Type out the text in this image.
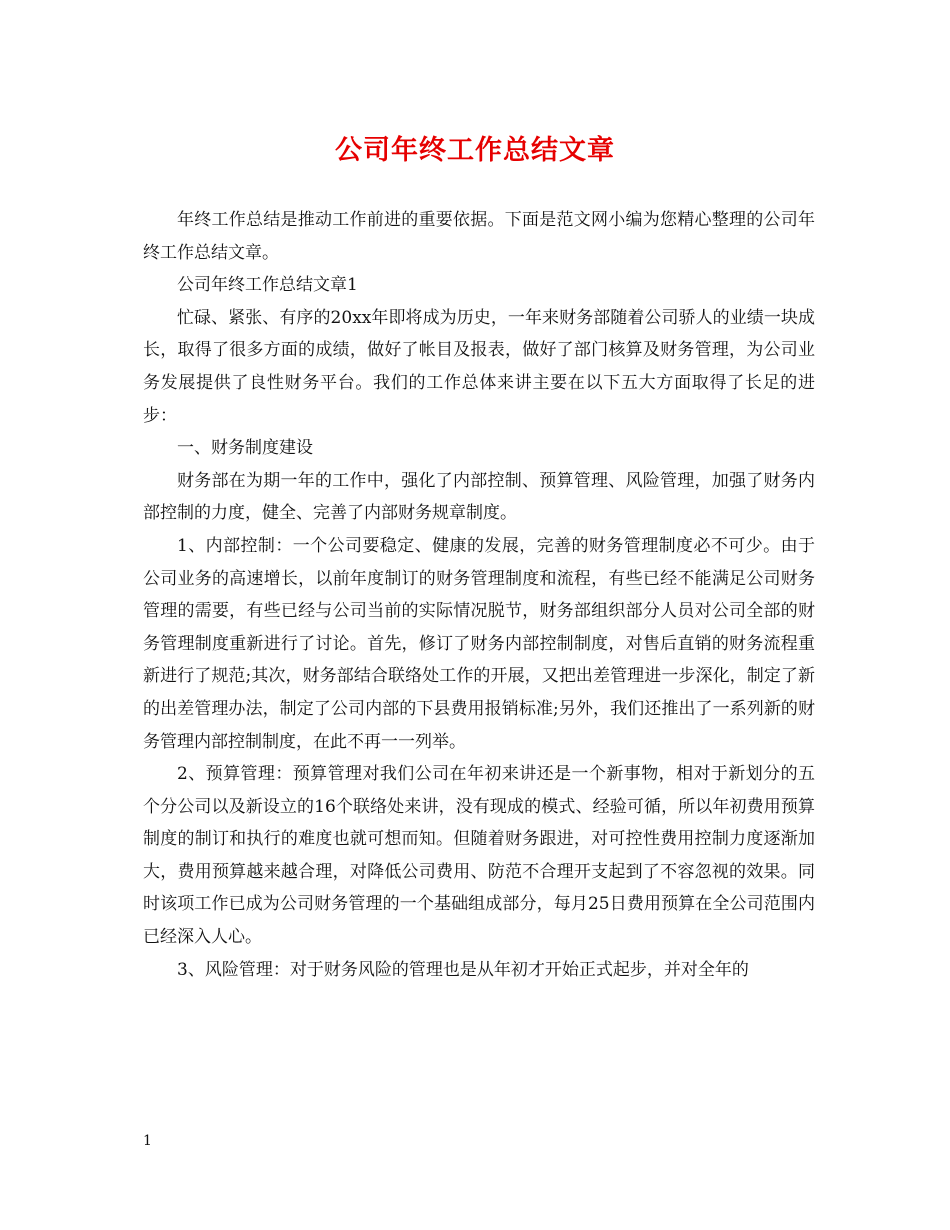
公司年终工作总结文章

年终工作总结是推动工作前进的重要依据。下面是范文网小编为您精心整理的公司年终工作总结文章。

公司年终工作总结文章1

忙碌、紧张、有序的20xx年即将成为历史，一年来财务部随着公司骄人的业绩一块成长，取得了很多方面的成绩，做好了帐目及报表，做好了部门核算及财务管理，为公司业务发展提供了良性财务平台。我们的工作总体来讲主要在以下五大方面取得了长足的进步：

一、财务制度建设

财务部在为期一年的工作中，强化了内部控制、预算管理、风险管理，加强了财务内部控制的力度，健全、完善了内部财务规章制度。

1、内部控制：一个公司要稳定、健康的发展，完善的财务管理制度必不可少。由于公司业务的高速增长，以前年度制订的财务管理制度和流程，有些已经不能满足公司财务管理的需要，有些已经与公司当前的实际情况脱节，财务部组织部分人员对公司全部的财务管理制度重新进行了讨论。首先，修订了财务内部控制制度，对售后直销的财务流程重新进行了规范;其次，财务部结合联络处工作的开展，又把出差管理进一步深化，制定了新的出差管理办法，制定了公司内部的下县费用报销标准;另外，我们还推出了一系列新的财务管理内部控制制度，在此不再一一列举。

2、预算管理：预算管理对我们公司在年初来讲还是一个新事物，相对于新划分的五个分公司以及新设立的16个联络处来讲，没有现成的模式、经验可循，所以年初费用预算制度的制订和执行的难度也就可想而知。但随着财务跟进，对可控性费用控制力度逐渐加大，费用预算越来越合理，对降低公司费用、防范不合理开支起到了不容忽视的效果。同时该项工作已成为公司财务管理的一个基础组成部分，每月25日费用预算在全公司范围内已经深入人心。

3、风险管理：对于财务风险的管理也是从年初才开始正式起步，并对全年的

1
